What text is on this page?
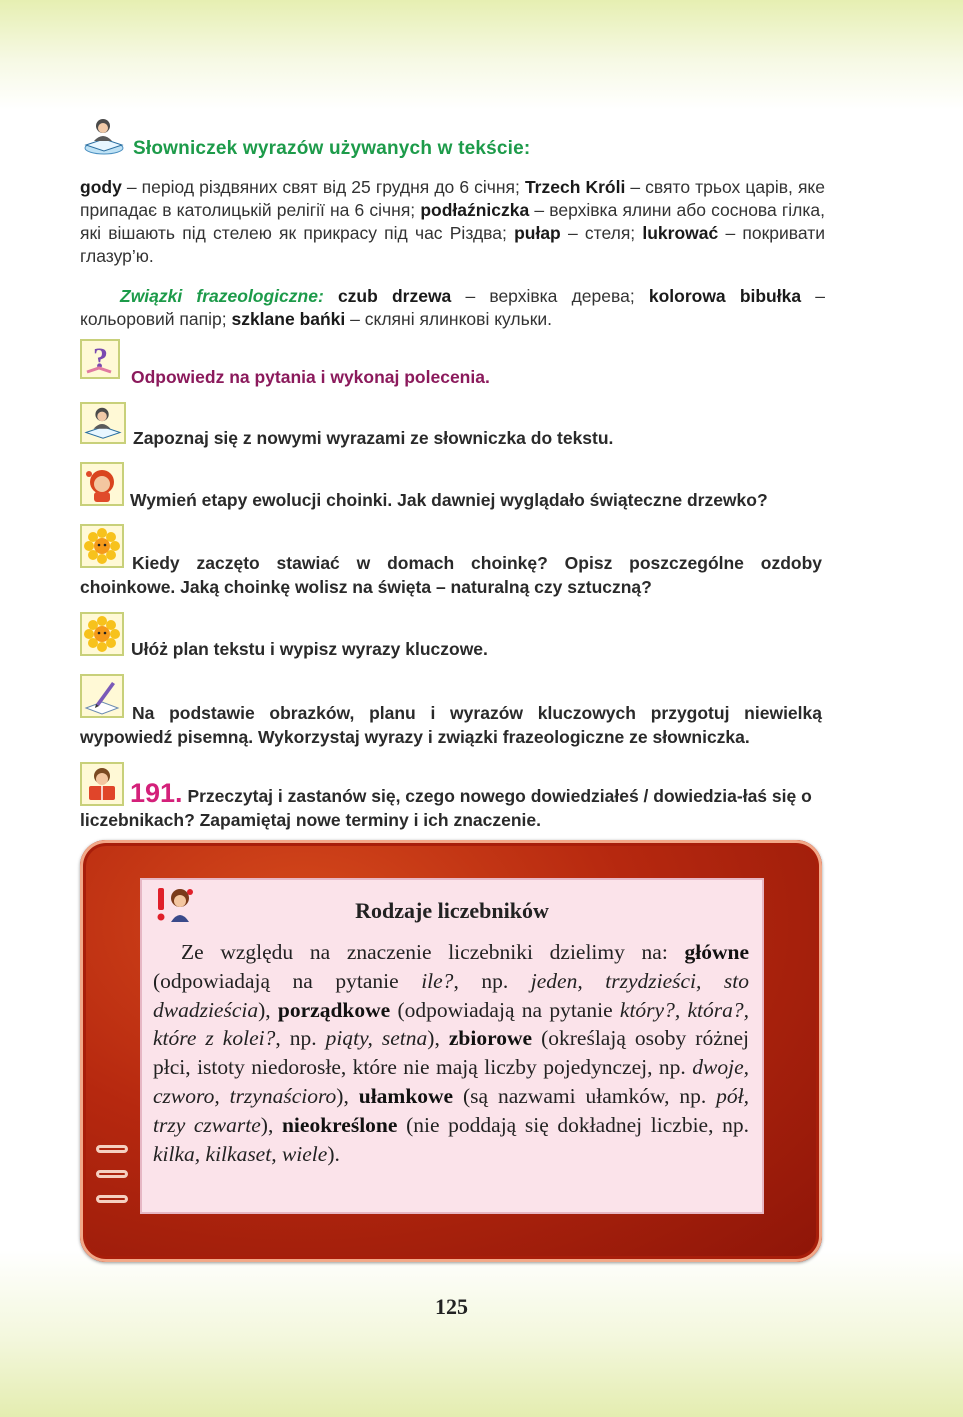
Słowniczek wyrazów używanych w tekście:
gody – період різдвяних свят від 25 грудня до 6 січня; Trzech Króli – свято трьох царів, яке припадає в католицькій релігії на 6 січня; podłaźniczka – верхівка ялини або соснова гілка, які вішають під стелею як прикрасу під час Різдва; pułap – стеля; lukrować – покривати глазур’ю.
Związki frazeologiczne: czub drzewa – верхівка дерева; kolorowa bibułka – кольоровий папір; szklane bańki – скляні ялинкові кульки.
?
Odpowiedz na pytania i wykonaj polecenia.
Zapoznaj się z nowymi wyrazami ze słowniczka do tekstu.
Wymień etapy ewolucji choinki. Jak dawniej wyglądało świąteczne drzewko?
Kiedy zaczęto stawiać w domach choinkę? Opisz poszczególne ozdoby choinkowe. Jaką choinkę wolisz na święta – naturalną czy sztuczną?
Ułóż plan tekstu i wypisz wyrazy kluczowe.
Na podstawie obrazków, planu i wyrazów kluczowych przygotuj niewielką wypowiedź pisemną. Wykorzystaj wyrazy i związki frazeologiczne ze słowniczka.
191. Przeczytaj i zastanów się, czego nowego dowiedziałeś / dowiedzia-łaś się o liczebnikach? Zapamiętaj nowe terminy i ich znaczenie.
Rodzaje liczebników
Ze względu na znaczenie liczebniki dzielimy na: główne (odpowiadają na pytanie ile?, np. jeden, trzydzieści, sto dwadzieścia), porządkowe (odpowiadają na pytanie który?, która?, które z kolei?, np. piąty, setna), zbiorowe (określają osoby różnej płci, istoty niedorosłe, które nie mają liczby pojedynczej, np. dwoje, czworo, trzynaścioro), ułamkowe (są nazwami ułamków, np. pół, trzy czwarte), nieokreślone (nie poddają się dokładnej liczbie, np. kilka, kilkaset, wiele).
125
